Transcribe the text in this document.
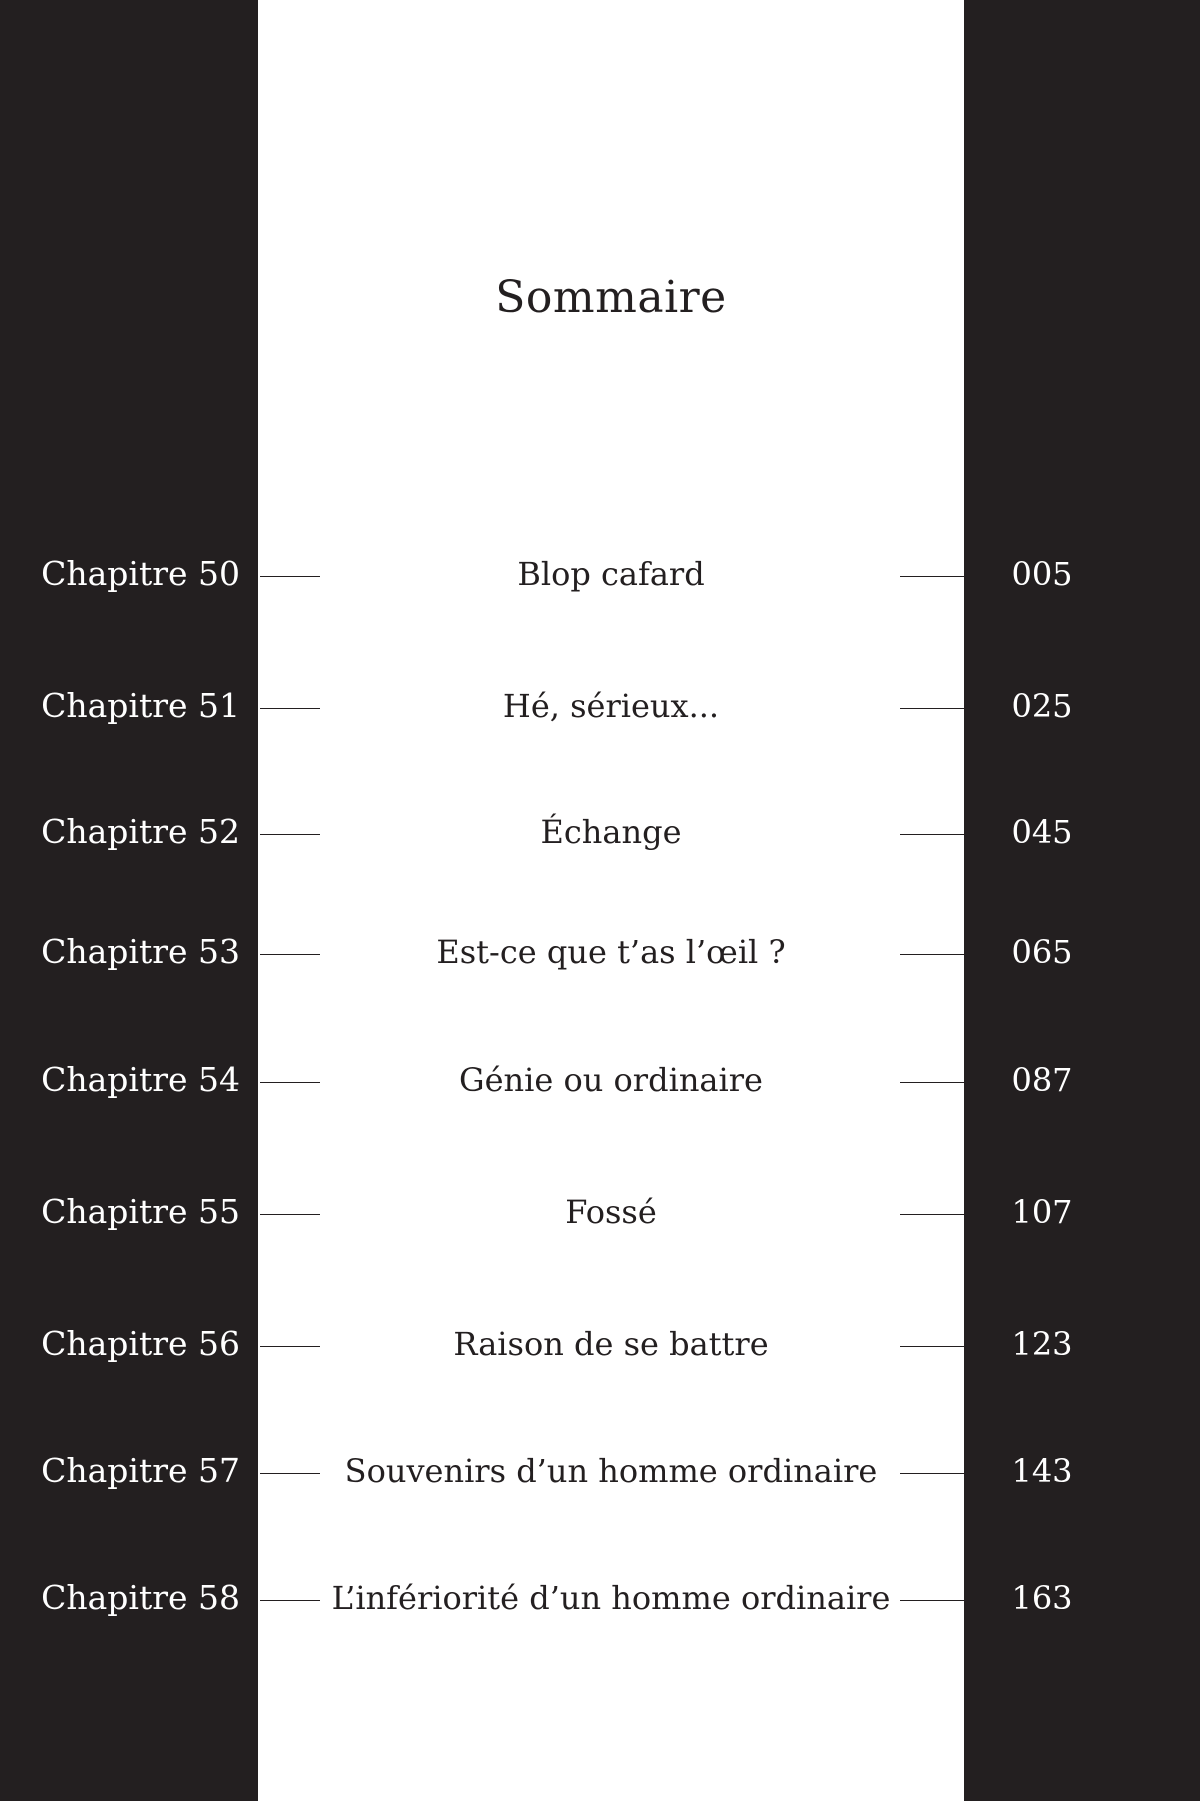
Sommaire
Chapitre 50	Blop cafard	005
Chapitre 51	Hé, sérieux...	025
Chapitre 52	Échange	045
Chapitre 53	Est-ce que t’as l’œil ?	065
Chapitre 54	Génie ou ordinaire	087
Chapitre 55	Fossé	107
Chapitre 56	Raison de se battre	123
Chapitre 57	Souvenirs d’un homme ordinaire	143
Chapitre 58	L’infériorité d’un homme ordinaire	163
